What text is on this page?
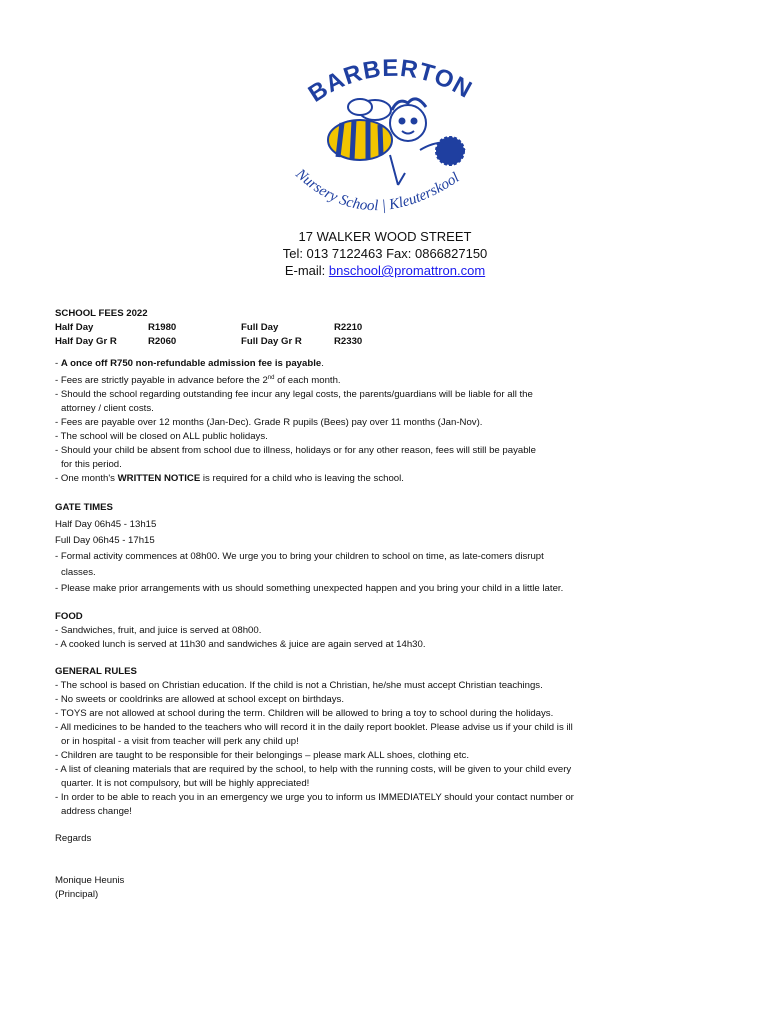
BARBERTON
Nursery School | Kleuterskool
17 WALKER WOOD STREET
Tel: 013 7122463 Fax: 0866827150
E-mail: bnschool@promattron.com

SCHOOL FEES 2022

Half Day	R1980	Full Day	R2210
Half Day Gr R	R2060	Full Day Gr R	R2330

- A once off R750 non-refundable admission fee is payable.

- Fees are strictly payable in advance before the 2nd of each month.

- Should the school regarding outstanding fee incur any legal costs, the parents/guardians will be liable for all the

attorney / client costs.

- Fees are payable over 12 months (Jan-Dec). Grade R pupils (Bees) pay over 11 months (Jan-Nov).

- The school will be closed on ALL public holidays.

- Should your child be absent from school due to illness, holidays or for any other reason, fees will still be payable

for this period.

- One month's WRITTEN NOTICE is required for a child who is leaving the school.

GATE TIMES

Half Day 06h45 - 13h15

Full Day 06h45 - 17h15

- Formal activity commences at 08h00. We urge you to bring your children to school on time, as late-comers disrupt

classes.

- Please make prior arrangements with us should something unexpected happen and you bring your child in a little later.

FOOD

- Sandwiches, fruit, and juice is served at 08h00.

- A cooked lunch is served at 11h30 and sandwiches & juice are again served at 14h30.

GENERAL RULES

- The school is based on Christian education. If the child is not a Christian, he/she must accept Christian teachings.

- No sweets or cooldrinks are allowed at school except on birthdays.

- TOYS are not allowed at school during the term. Children will be allowed to bring a toy to school during the holidays.

- All medicines to be handed to the teachers who will record it in the daily report booklet. Please advise us if your child is ill

or in hospital - a visit from teacher will perk any child up!

- Children are taught to be responsible for their belongings – please mark ALL shoes, clothing etc.

- A list of cleaning materials that are required by the school, to help with the running costs, will be given to your child every

quarter. It is not compulsory, but will be highly appreciated!

- In order to be able to reach you in an emergency we urge you to inform us IMMEDIATELY should your contact number or

address change!

Regards

Monique Heunis

(Principal)
